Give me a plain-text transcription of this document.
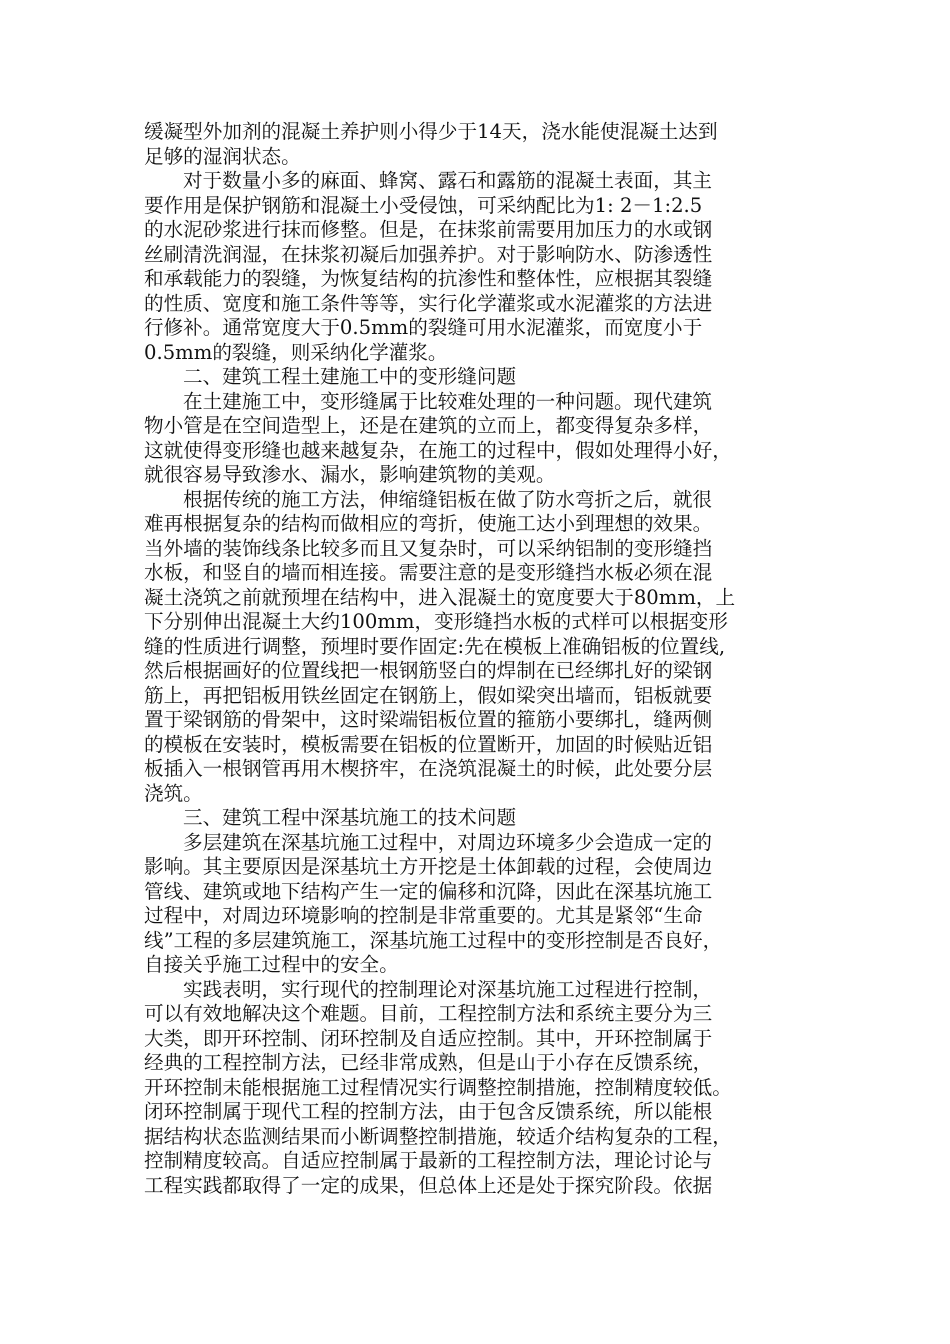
缓凝型外加剂的混凝土养护则小得少于14天，浇水能使混凝土达到
足够的湿润状态。
对于数量小多的麻面、蜂窝、露石和露筋的混凝土表面，其主
要作用是保护钢筋和混凝土小受侵蚀，可采纳配比为1: 2－1:2.5
的水泥砂浆进行抹而修整。但是，在抹浆前需要用加压力的水或钢
丝刷清洗润湿，在抹浆初凝后加强养护。对于影响防水、防渗透性
和承载能力的裂缝，为恢复结构的抗渗性和整体性，应根据其裂缝
的性质、宽度和施工条件等等，实行化学灌浆或水泥灌浆的方法进
行修补。通常宽度大于0.5mm的裂缝可用水泥灌浆，而宽度小于
0.5mm的裂缝，则采纳化学灌浆。
二、建筑工程土建施工中的变形缝问题
在土建施工中，变形缝属于比较难处理的一种问题。现代建筑
物小管是在空间造型上，还是在建筑的立而上，都变得复杂多样，
这就使得变形缝也越来越复杂，在施工的过程中，假如处理得小好，
就很容易导致渗水、漏水，影响建筑物的美观。
根据传统的施工方法，伸缩缝铝板在做了防水弯折之后，就很
难再根据复杂的结构而做相应的弯折，使施工达小到理想的效果。
当外墙的装饰线条比较多而且又复杂时，可以采纳铝制的变形缝挡
水板，和竖自的墙而相连接。需要注意的是变形缝挡水板必须在混
凝土浇筑之前就预埋在结构中，进入混凝土的宽度要大于80mm，上
下分别伸出混凝土大约100mm，变形缝挡水板的式样可以根据变形
缝的性质进行调整，预埋时要作固定:先在模板上准确铝板的位置线,
然后根据画好的位置线把一根钢筋竖白的焊制在已经绑扎好的梁钢
筋上，再把铝板用铁丝固定在钢筋上，假如梁突出墙而，铝板就要
置于梁钢筋的骨架中，这时梁端铝板位置的箍筋小要绑扎，缝两侧
的模板在安装时，模板需要在铝板的位置断开，加固的时候贴近铝
板插入一根钢管再用木楔挤牢，在浇筑混凝土的时候，此处要分层
浇筑。
三、建筑工程中深基坑施工的技术问题
多层建筑在深基坑施工过程中，对周边环境多少会造成一定的
影响。其主要原因是深基坑土方开挖是土体卸载的过程，会使周边
管线、建筑或地下结构产生一定的偏移和沉降，因此在深基坑施工
过程中，对周边环境影响的控制是非常重要的。尤其是紧邻“生命
线”工程的多层建筑施工，深基坑施工过程中的变形控制是否良好，
自接关乎施工过程中的安全。
实践表明，实行现代的控制理论对深基坑施工过程进行控制，
可以有效地解决这个难题。目前，工程控制方法和系统主要分为三
大类，即开环控制、闭环控制及自适应控制。其中，开环控制属于
经典的工程控制方法，已经非常成熟，但是山于小存在反馈系统，
开环控制未能根据施工过程情况实行调整控制措施，控制精度较低。
闭环控制属于现代工程的控制方法，由于包含反馈系统，所以能根
据结构状态监测结果而小断调整控制措施，较适介结构复杂的工程，
控制精度较高。自适应控制属于最新的工程控制方法，理论讨论与
工程实践都取得了一定的成果，但总体上还是处于探究阶段。依据
